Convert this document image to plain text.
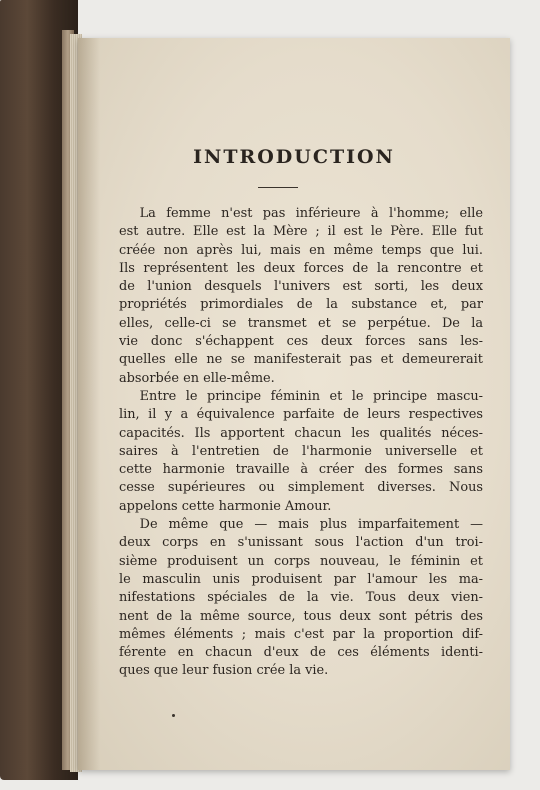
INTRODUCTION

La femme n'est pas inférieure à l'homme; elle
est autre. Elle est la Mère ; il est le Père. Elle fut
créée non après lui, mais en même temps que lui.
Ils représentent les deux forces de la rencontre et
de l'union desquels l'univers est sorti, les deux
propriétés primordiales de la substance et, par
elles, celle-ci se transmet et se perpétue. De la
vie donc s'échappent ces deux forces sans les-
quelles elle ne se manifesterait pas et demeurerait
absorbée en elle-même.

Entre le principe féminin et le principe mascu-
lin, il y a équivalence parfaite de leurs respectives
capacités. Ils apportent chacun les qualités néces-
saires à l'entretien de l'harmonie universelle et
cette harmonie travaille à créer des formes sans
cesse supérieures ou simplement diverses. Nous
appelons cette harmonie Amour.

De même que — mais plus imparfaitement —
deux corps en s'unissant sous l'action d'un troi-
sième produisent un corps nouveau, le féminin et
le masculin unis produisent par l'amour les ma-
nifestations spéciales de la vie. Tous deux vien-
nent de la même source, tous deux sont pétris des
mêmes éléments ; mais c'est par la proportion dif-
férente en chacun d'eux de ces éléments identi-
ques que leur fusion crée la vie.
